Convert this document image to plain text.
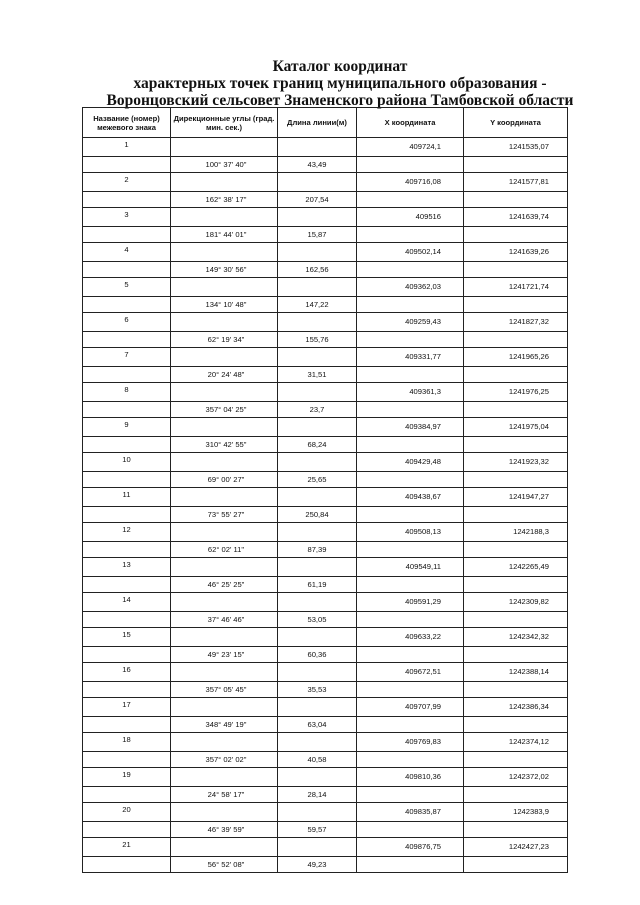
Каталог координат
характерных точек границ муниципального образования -
Воронцовский сельсовет Знаменского района Тамбовской области
Название (номер) межевого знака	Дирекционные углы (град. мин. сек.)	Длина линии(м)	X координата	Y координата
1			409724,1	1241535,07
	100° 37' 40"	43,49		
2			409716,08	1241577,81
	162° 38' 17"	207,54		
3			409516	1241639,74
	181° 44' 01"	15,87		
4			409502,14	1241639,26
	149° 30' 56"	162,56		
5			409362,03	1241721,74
	134° 10' 48"	147,22		
6			409259,43	1241827,32
	62° 19' 34"	155,76		
7			409331,77	1241965,26
	20° 24' 48"	31,51		
8			409361,3	1241976,25
	357° 04' 25"	23,7		
9			409384,97	1241975,04
	310° 42' 55"	68,24		
10			409429,48	1241923,32
	69° 00' 27"	25,65		
11			409438,67	1241947,27
	73° 55' 27"	250,84		
12			409508,13	1242188,3
	62° 02' 11"	87,39		
13			409549,11	1242265,49
	46° 25' 25"	61,19		
14			409591,29	1242309,82
	37° 46' 46"	53,05		
15			409633,22	1242342,32
	49° 23' 15"	60,36		
16			409672,51	1242388,14
	357° 05' 45"	35,53		
17			409707,99	1242386,34
	348° 49' 19"	63,04		
18			409769,83	1242374,12
	357° 02' 02"	40,58		
19			409810,36	1242372,02
	24° 58' 17"	28,14		
20			409835,87	1242383,9
	46° 39' 59"	59,57		
21			409876,75	1242427,23
	56° 52' 08"	49,23		
